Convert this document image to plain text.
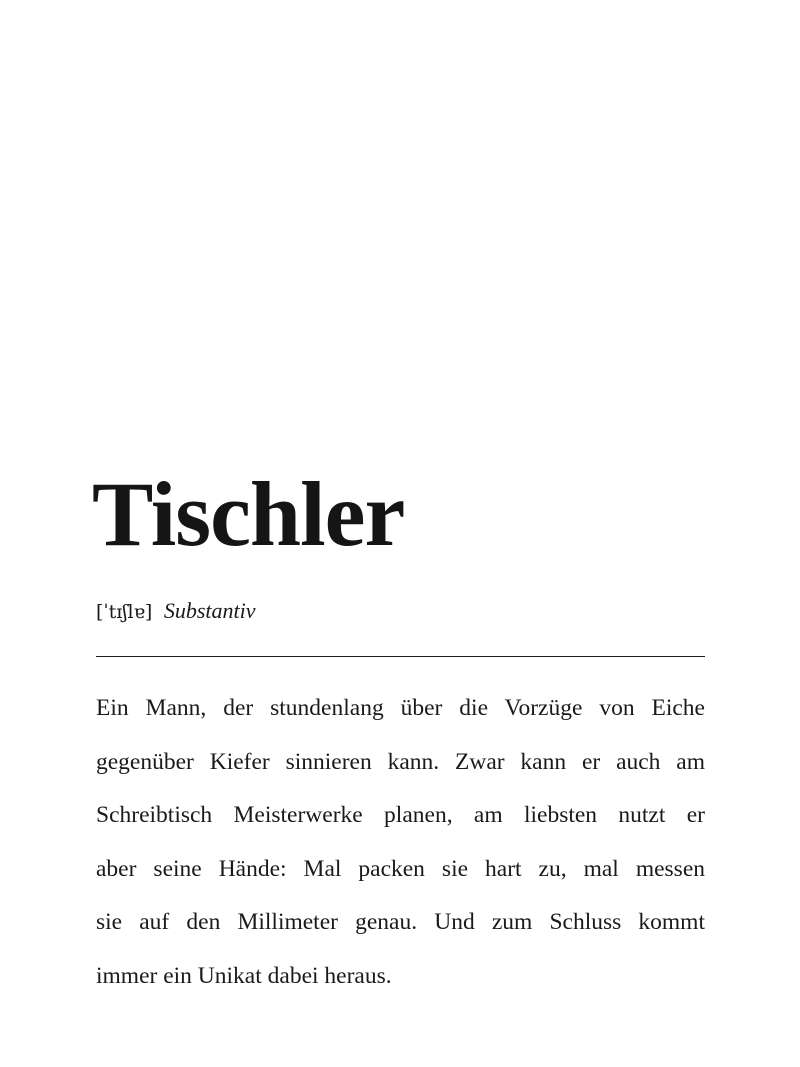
Tischler
[ˈtɪʃlɐ] Substantiv
Ein Mann, der stundenlang über die Vorzüge von Eiche
gegenüber Kiefer sinnieren kann. Zwar kann er auch am
Schreibtisch Meisterwerke planen, am liebsten nutzt er
aber seine Hände: Mal packen sie hart zu, mal messen
sie auf den Millimeter genau. Und zum Schluss kommt
immer ein Unikat dabei heraus.
